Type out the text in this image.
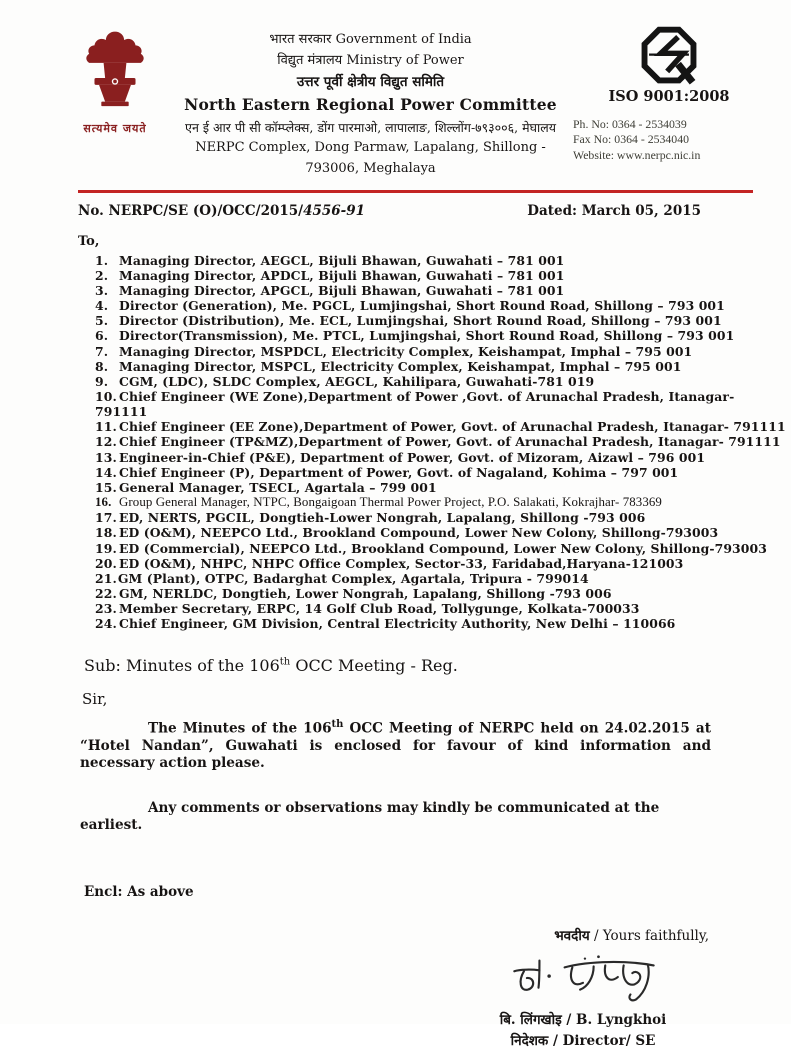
सत्यमेव जयते
भारत सरकार Government of India
विद्युत मंत्रालय Ministry of Power
उत्तर पूर्वी क्षेत्रीय विद्युत समिति
North Eastern Regional Power Committee
एन ई आर पी सी कॉम्प्लेक्स, डोंग पारमाओ, लापालाङ, शिल्लोंग-७९३००६, मेघालय
NERPC Complex, Dong Parmaw, Lapalang, Shillong - 793006, Meghalaya
ISO 9001:2008
Ph. No: 0364 - 2534039
Fax No: 0364 - 2534040
Website: www.nerpc.nic.in
No. NERPC/SE (O)/OCC/2015/4556-91	Dated: March 05, 2015
To,
1. Managing Director, AEGCL, Bijuli Bhawan, Guwahati – 781 001
2. Managing Director, APDCL, Bijuli Bhawan, Guwahati – 781 001
3. Managing Director, APGCL, Bijuli Bhawan, Guwahati – 781 001
4. Director (Generation), Me. PGCL, Lumjingshai, Short Round Road, Shillong – 793 001
5. Director (Distribution), Me. ECL, Lumjingshai, Short Round Road, Shillong – 793 001
6. Director(Transmission), Me. PTCL, Lumjingshai, Short Round Road, Shillong – 793 001
7. Managing Director, MSPDCL, Electricity Complex, Keishampat, Imphal – 795 001
8. Managing Director, MSPCL, Electricity Complex, Keishampat, Imphal – 795 001
9. CGM, (LDC), SLDC Complex, AEGCL, Kahilipara, Guwahati-781 019
10. Chief Engineer (WE Zone),Department of Power ,Govt. of Arunachal Pradesh, Itanagar- 791111
11. Chief Engineer (EE Zone),Department of Power, Govt. of Arunachal Pradesh, Itanagar- 791111
12. Chief Engineer (TP&MZ),Department of Power, Govt. of Arunachal Pradesh, Itanagar- 791111
13. Engineer-in-Chief (P&E), Department of Power, Govt. of Mizoram, Aizawl – 796 001
14. Chief Engineer (P), Department of Power, Govt. of Nagaland, Kohima – 797 001
15. General Manager, TSECL, Agartala – 799 001
16. Group General Manager, NTPC, Bongaigoan Thermal Power Project, P.O. Salakati, Kokrajhar- 783369
17. ED, NERTS, PGCIL, Dongtieh-Lower Nongrah, Lapalang, Shillong -793 006
18. ED (O&M), NEEPCO Ltd., Brookland Compound, Lower New Colony, Shillong-793003
19. ED (Commercial), NEEPCO Ltd., Brookland Compound, Lower New Colony, Shillong-793003
20. ED (O&M), NHPC, NHPC Office Complex, Sector-33, Faridabad,Haryana-121003
21.GM (Plant), OTPC, Badarghat Complex, Agartala, Tripura - 799014
22. GM, NERLDC, Dongtieh, Lower Nongrah, Lapalang, Shillong -793 006
23. Member Secretary, ERPC, 14 Golf Club Road, Tollygunge, Kolkata-700033
24. Chief Engineer, GM Division, Central Electricity Authority, New Delhi – 110066
Sub: Minutes of the 106th OCC Meeting - Reg.
Sir,

The Minutes of the 106th OCC Meeting of NERPC held on 24.02.2015 at “Hotel Nandan”, Guwahati is enclosed for favour of kind information and necessary action please.

Any comments or observations may kindly be communicated at the earliest.

Encl: As above
भवदीय / Yours faithfully,
बि. लिंगखोइ / B. Lyngkhoi
निदेशक / Director/ SE
